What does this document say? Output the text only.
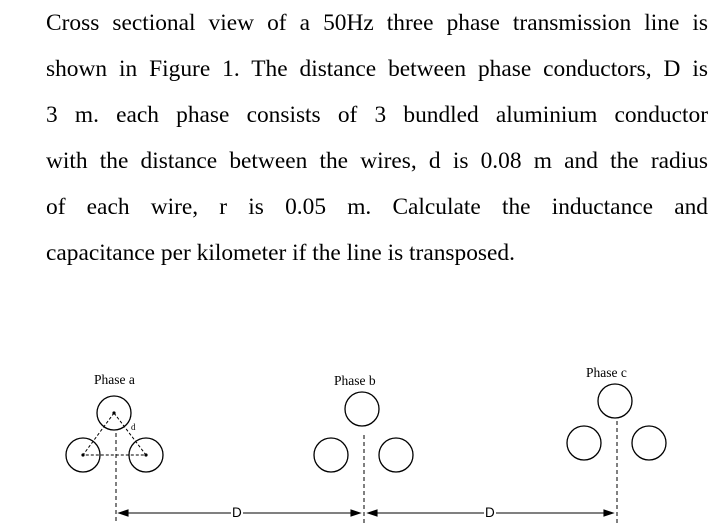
Cross sectional view of a 50Hz three phase transmission line is
shown in Figure 1. The distance between phase conductors, D is
3 m. each phase consists of 3 bundled aluminium conductor
with the distance between the wires, d is 0.08 m and the radius
of each wire, r is 0.05 m. Calculate the inductance and
capacitance per kilometer if the line is transposed.
Phase a	Phase b
Phase c
d
D	D
